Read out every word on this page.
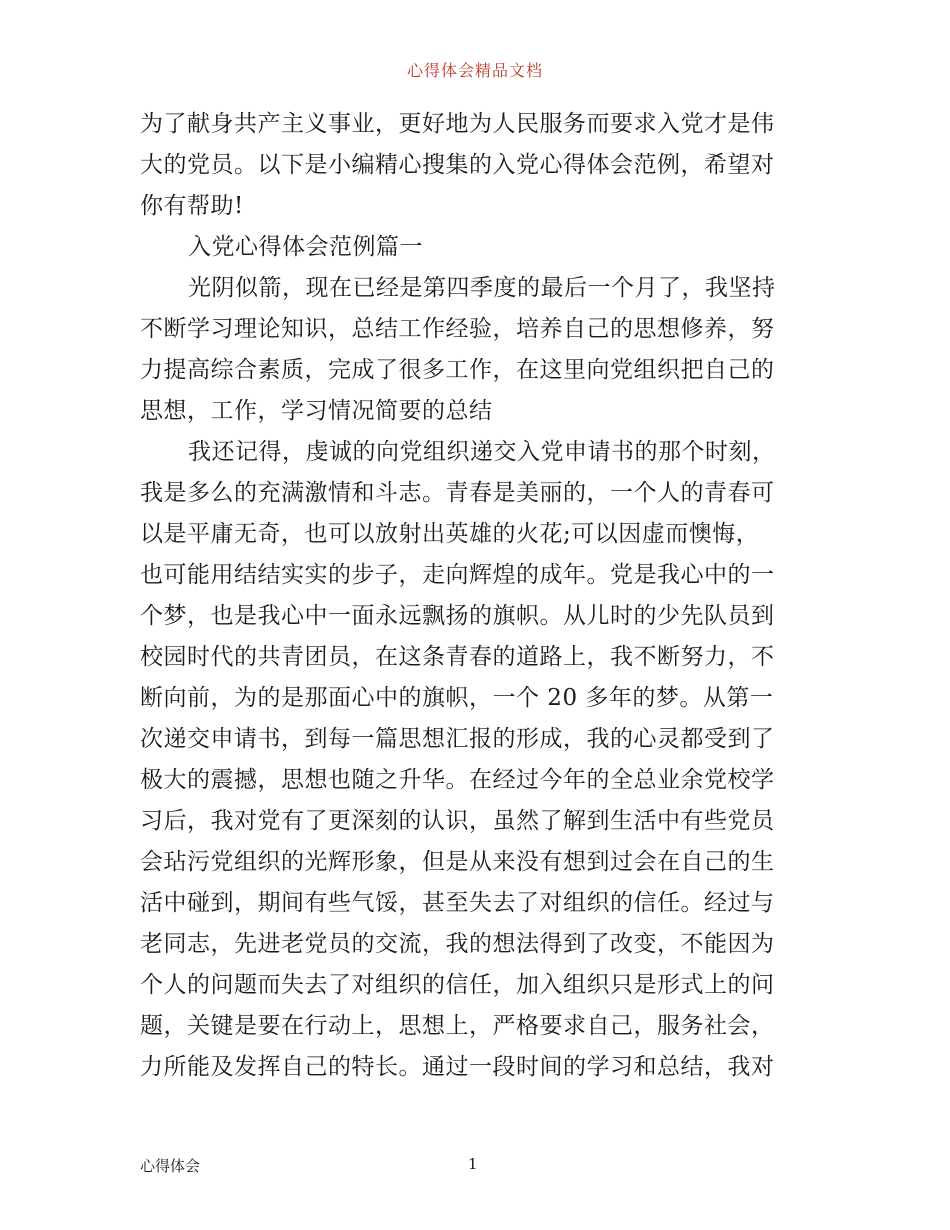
心得体会精品文档
为了献身共产主义事业，更好地为人民服务而要求入党才是伟
大的党员。以下是小编精心搜集的入党心得体会范例，希望对
你有帮助!
入党心得体会范例篇一
光阴似箭，现在已经是第四季度的最后一个月了，我坚持
不断学习理论知识，总结工作经验，培养自己的思想修养，努
力提高综合素质，完成了很多工作，在这里向党组织把自己的
思想，工作，学习情况简要的总结
我还记得，虔诚的向党组织递交入党申请书的那个时刻，
我是多么的充满激情和斗志。青春是美丽的，一个人的青春可
以是平庸无奇，也可以放射出英雄的火花;可以因虚而懊悔，
也可能用结结实实的步子，走向辉煌的成年。党是我心中的一
个梦，也是我心中一面永远飘扬的旗帜。从儿时的少先队员到
校园时代的共青团员，在这条青春的道路上，我不断努力，不
断向前，为的是那面心中的旗帜，一个 20 多年的梦。从第一
次递交申请书，到每一篇思想汇报的形成，我的心灵都受到了
极大的震撼，思想也随之升华。在经过今年的全总业余党校学
习后，我对党有了更深刻的认识，虽然了解到生活中有些党员
会玷污党组织的光辉形象，但是从来没有想到过会在自己的生
活中碰到，期间有些气馁，甚至失去了对组织的信任。经过与
老同志，先进老党员的交流，我的想法得到了改变，不能因为
个人的问题而失去了对组织的信任，加入组织只是形式上的问
题，关键是要在行动上，思想上，严格要求自己，服务社会，
力所能及发挥自己的特长。通过一段时间的学习和总结，我对
心得体会	1
